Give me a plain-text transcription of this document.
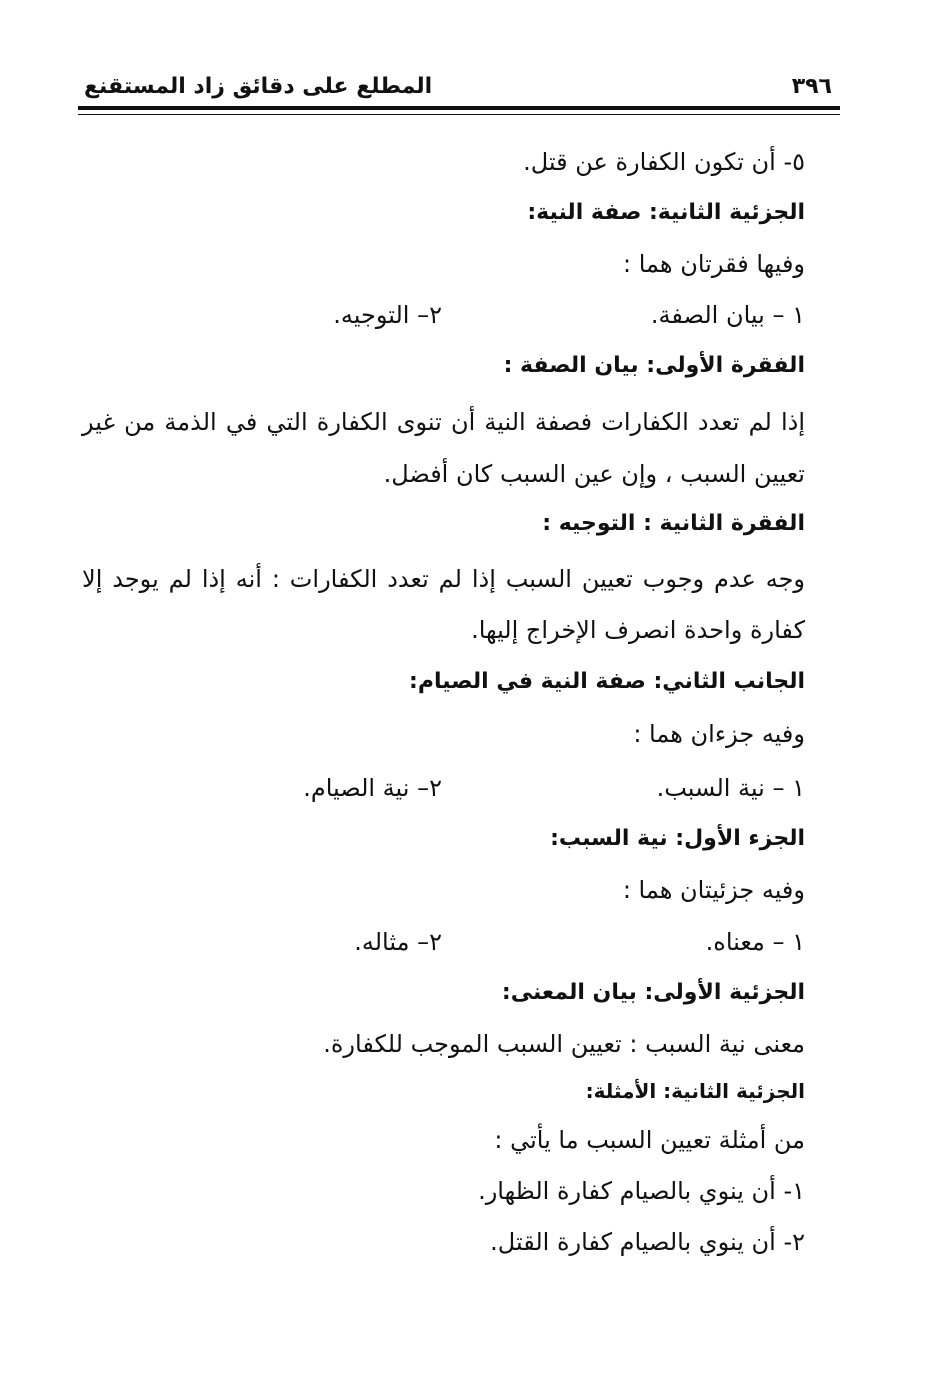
٣٩٦
المطلع على دقائق زاد المستقنع
٥- أن تكون الكفارة عن قتل.
الجزئية الثانية: صفة النية:
وفيها فقرتان هما :
١ – بيان الصفة.
٢– التوجيه.
الفقرة الأولى: بيان الصفة :
إذا لم تعدد الكفارات فصفة النية أن تنوى الكفارة التي في الذمة من غير
تعيين السبب ، وإن عين السبب كان أفضل.
الفقرة الثانية : التوجيه :
وجه عدم وجوب تعيين السبب إذا لم تعدد الكفارات : أنه إذا لم يوجد إلا
كفارة واحدة انصرف الإخراج إليها.
الجانب الثاني: صفة النية في الصيام:
وفيه جزءان هما :
١ – نية السبب.
٢– نية الصيام.
الجزء الأول: نية السبب:
وفيه جزئيتان هما :
١ – معناه.
٢– مثاله.
الجزئية الأولى: بيان المعنى:
معنى نية السبب : تعيين السبب الموجب للكفارة.
الجزئية الثانية: الأمثلة:
من أمثلة تعيين السبب ما يأتي :
١- أن ينوي بالصيام كفارة الظهار.
٢- أن ينوي بالصيام كفارة القتل.
